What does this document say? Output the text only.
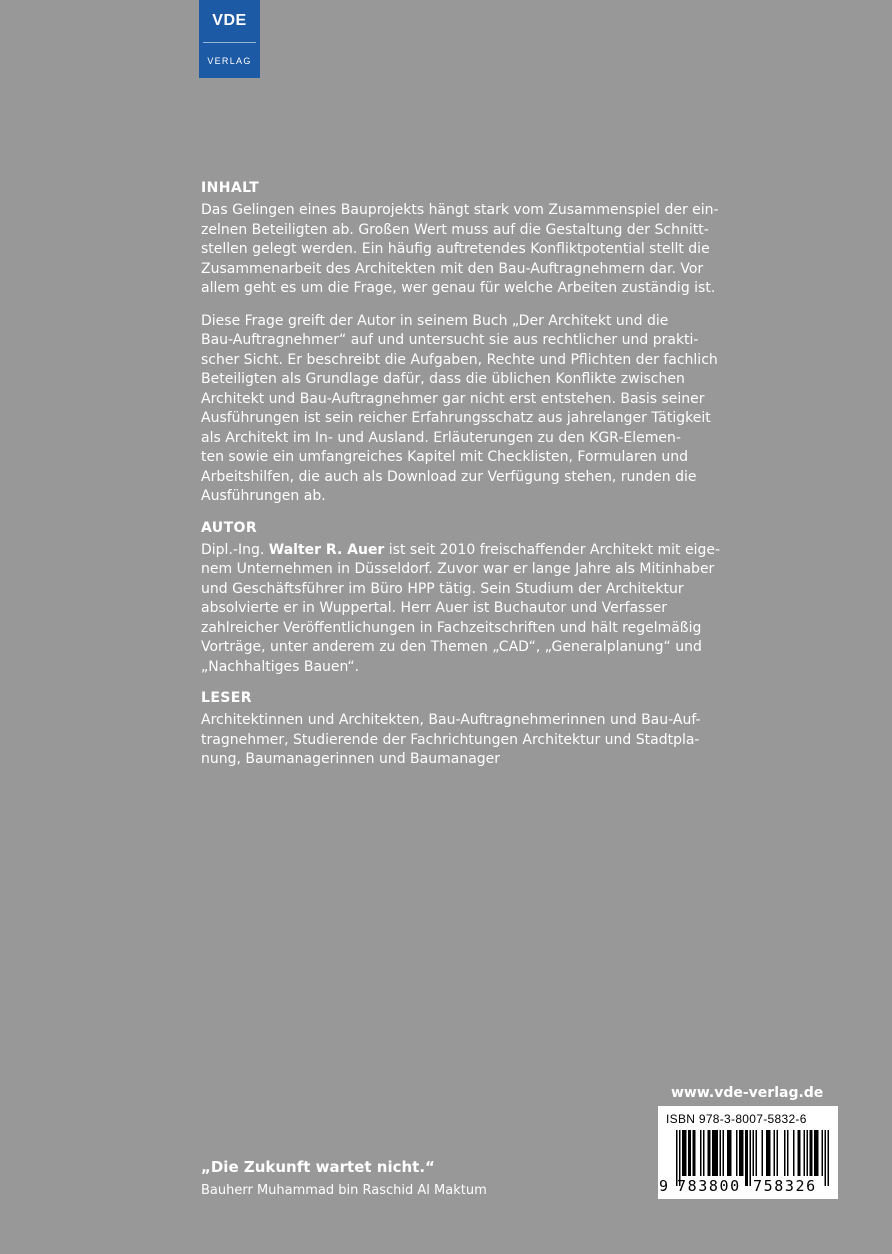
VDE
VERLAG
INHALT
Das Gelingen eines Bauprojekts hängt stark vom Zusammenspiel der ein-
zelnen Beteiligten ab. Großen Wert muss auf die Gestaltung der Schnitt-
stellen gelegt werden. Ein häufig auftretendes Konfliktpotential stellt die
Zusammenarbeit des Architekten mit den Bau-Auftragnehmern dar. Vor
allem geht es um die Frage, wer genau für welche Arbeiten zuständig ist.
Diese Frage greift der Autor in seinem Buch „Der Architekt und die
Bau-Auftragnehmer“ auf und untersucht sie aus rechtlicher und prakti-
scher Sicht. Er beschreibt die Aufgaben, Rechte und Pflichten der fachlich
Beteiligten als Grundlage dafür, dass die üblichen Konflikte zwischen
Architekt und Bau-Auftragnehmer gar nicht erst entstehen. Basis seiner
Ausführungen ist sein reicher Erfahrungsschatz aus jahrelanger Tätigkeit
als Architekt im In- und Ausland. Erläuterungen zu den KGR-Elemen-
ten sowie ein umfangreiches Kapitel mit Checklisten, Formularen und
Arbeitshilfen, die auch als Download zur Verfügung stehen, runden die
Ausführungen ab.
AUTOR
Dipl.-Ing. Walter R. Auer ist seit 2010 freischaffender Architekt mit eige-
nem Unternehmen in Düsseldorf. Zuvor war er lange Jahre als Mitinhaber
und Geschäftsführer im Büro HPP tätig. Sein Studium der Architektur
absolvierte er in Wuppertal. Herr Auer ist Buchautor und Verfasser
zahlreicher Veröffentlichungen in Fachzeitschriften und hält regelmäßig
Vorträge, unter anderem zu den Themen „CAD“, „Generalplanung“ und
„Nachhaltiges Bauen“.
LESER
Architektinnen und Architekten, Bau-Auftragnehmerinnen und Bau-Auf-
tragnehmer, Studierende der Fachrichtungen Architektur und Stadtpla-
nung, Baumanagerinnen und Baumanager
www.vde-verlag.de
ISBN 978-3-8007-5832-6
9 783800 758326
„Die Zukunft wartet nicht.“
Bauherr Muhammad bin Raschid Al Maktum
